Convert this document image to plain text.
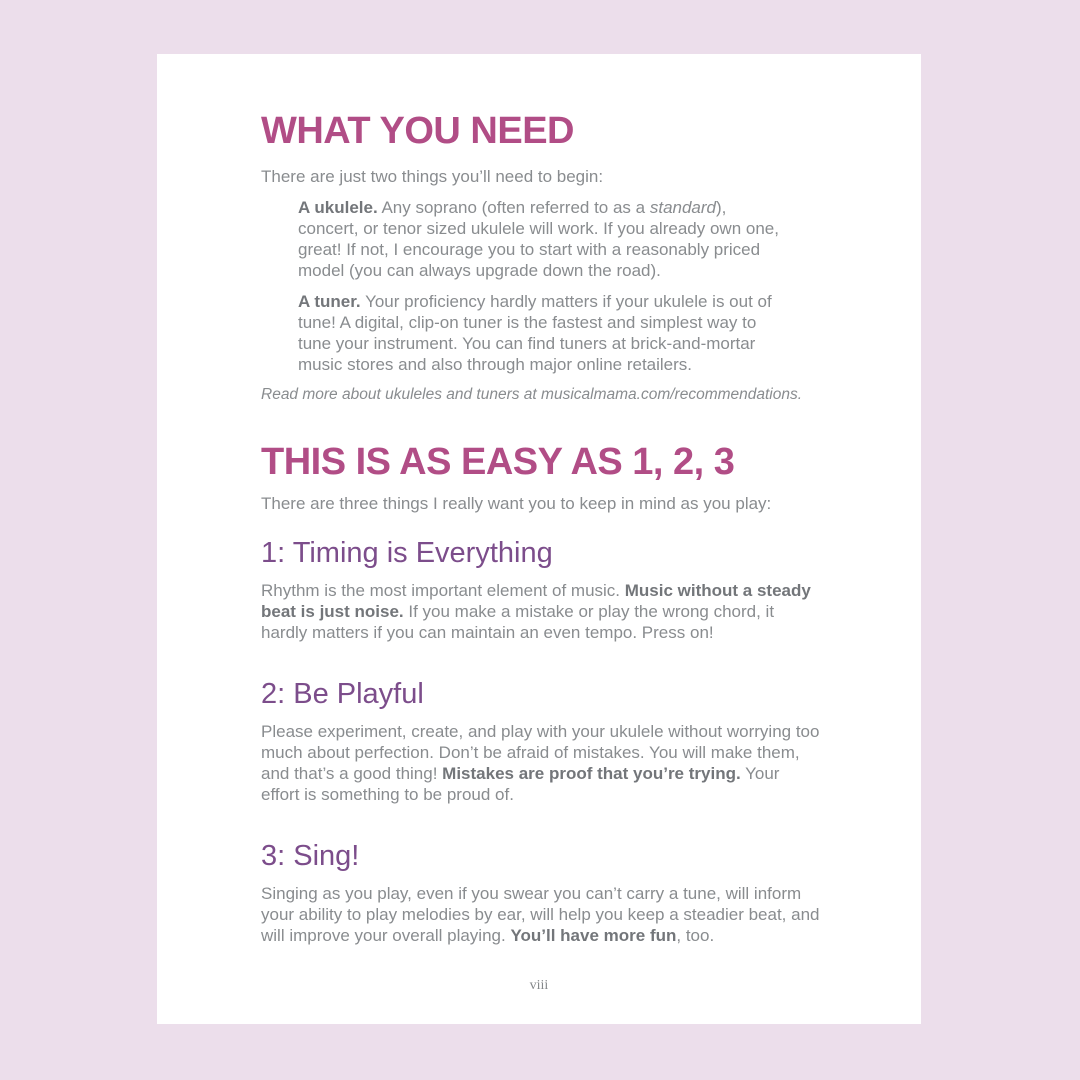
WHAT YOU NEED

There are just two things you’ll need to begin:

A ukulele. Any soprano (often referred to as a standard), concert, or tenor sized ukulele will work. If you already own one, great! If not, I encourage you to start with a reasonably priced model (you can always upgrade down the road).

A tuner. Your proficiency hardly matters if your ukulele is out of tune! A digital, clip-on tuner is the fastest and simplest way to tune your instrument. You can find tuners at brick-and-mortar music stores and also through major online retailers.

Read more about ukuleles and tuners at musicalmama.com/recommendations.

THIS IS AS EASY AS 1, 2, 3

There are three things I really want you to keep in mind as you play:

1: Timing is Everything

Rhythm is the most important element of music. Music without a steady beat is just noise. If you make a mistake or play the wrong chord, it hardly matters if you can maintain an even tempo. Press on!

2: Be Playful

Please experiment, create, and play with your ukulele without worrying too much about perfection. Don’t be afraid of mistakes. You will make them, and that’s a good thing! Mistakes are proof that you’re trying. Your effort is something to be proud of.

3: Sing!

Singing as you play, even if you swear you can’t carry a tune, will inform your ability to play melodies by ear, will help you keep a steadier beat, and will improve your overall playing. You’ll have more fun, too.

viii
